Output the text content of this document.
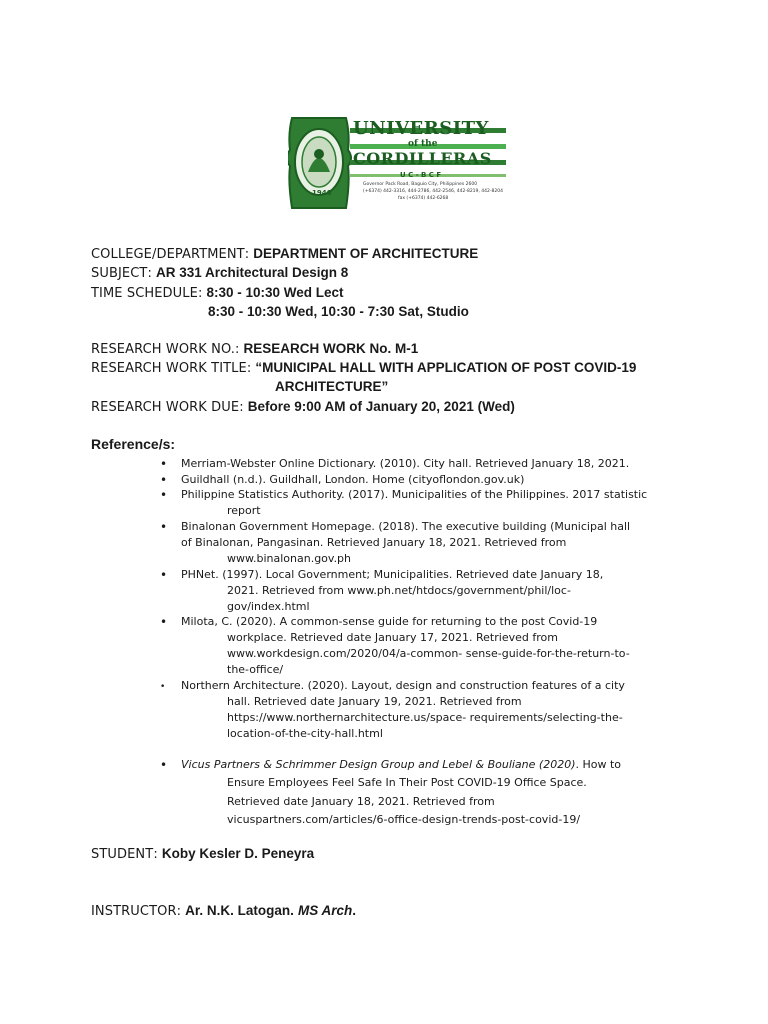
UNIVERSITY
of the
CORDILLERAS
U C - B C F
Governor Pack Road, Baguio City, Philippines 2600
(+6374) 442-3316, 444-2786, 442-2546, 442-8219, 442-8204
fax (+6374) 442-6268
1946
COLLEGE/DEPARTMENT: DEPARTMENT OF ARCHITECTURE
SUBJECT: AR 331 Architectural Design 8
TIME SCHEDULE: 8:30 - 10:30 Wed Lect
8:30 - 10:30 Wed, 10:30 - 7:30 Sat, Studio
RESEARCH WORK NO.: RESEARCH WORK No. M-1
RESEARCH WORK TITLE: “MUNICIPAL HALL WITH APPLICATION OF POST COVID-19
ARCHITECTURE”
RESEARCH WORK DUE: Before 9:00 AM of January 20, 2021 (Wed)
Reference/s:
• Merriam-Webster Online Dictionary. (2010). City hall. Retrieved January 18, 2021.
• Guildhall (n.d.). Guildhall, London. Home (cityoflondon.gov.uk)
• Philippine Statistics Authority. (2017). Municipalities of the Philippines. 2017 statistic
report
• Binalonan Government Homepage. (2018). The executive building (Municipal hall
of Binalonan, Pangasinan. Retrieved January 18, 2021. Retrieved from
www.binalonan.gov.ph
• PHNet. (1997). Local Government; Municipalities. Retrieved date January 18,
2021. Retrieved from www.ph.net/htdocs/government/phil/loc-
gov/index.html
• Milota, C. (2020). A common-sense guide for returning to the post Covid-19
workplace. Retrieved date January 17, 2021. Retrieved from
www.workdesign.com/2020/04/a-common- sense-guide-for-the-return-to-
the-office/
• Northern Architecture. (2020). Layout, design and construction features of a city
hall. Retrieved date January 19, 2021. Retrieved from
https://www.northernarchitecture.us/space- requirements/selecting-the-
location-of-the-city-hall.html
• Vicus Partners & Schrimmer Design Group and Lebel & Bouliane (2020). How to
Ensure Employees Feel Safe In Their Post COVID-19 Office Space.
Retrieved date January 18, 2021. Retrieved from
vicuspartners.com/articles/6-office-design-trends-post-covid-19/
STUDENT: Koby Kesler D. Peneyra
INSTRUCTOR: Ar. N.K. Latogan. MS Arch.
